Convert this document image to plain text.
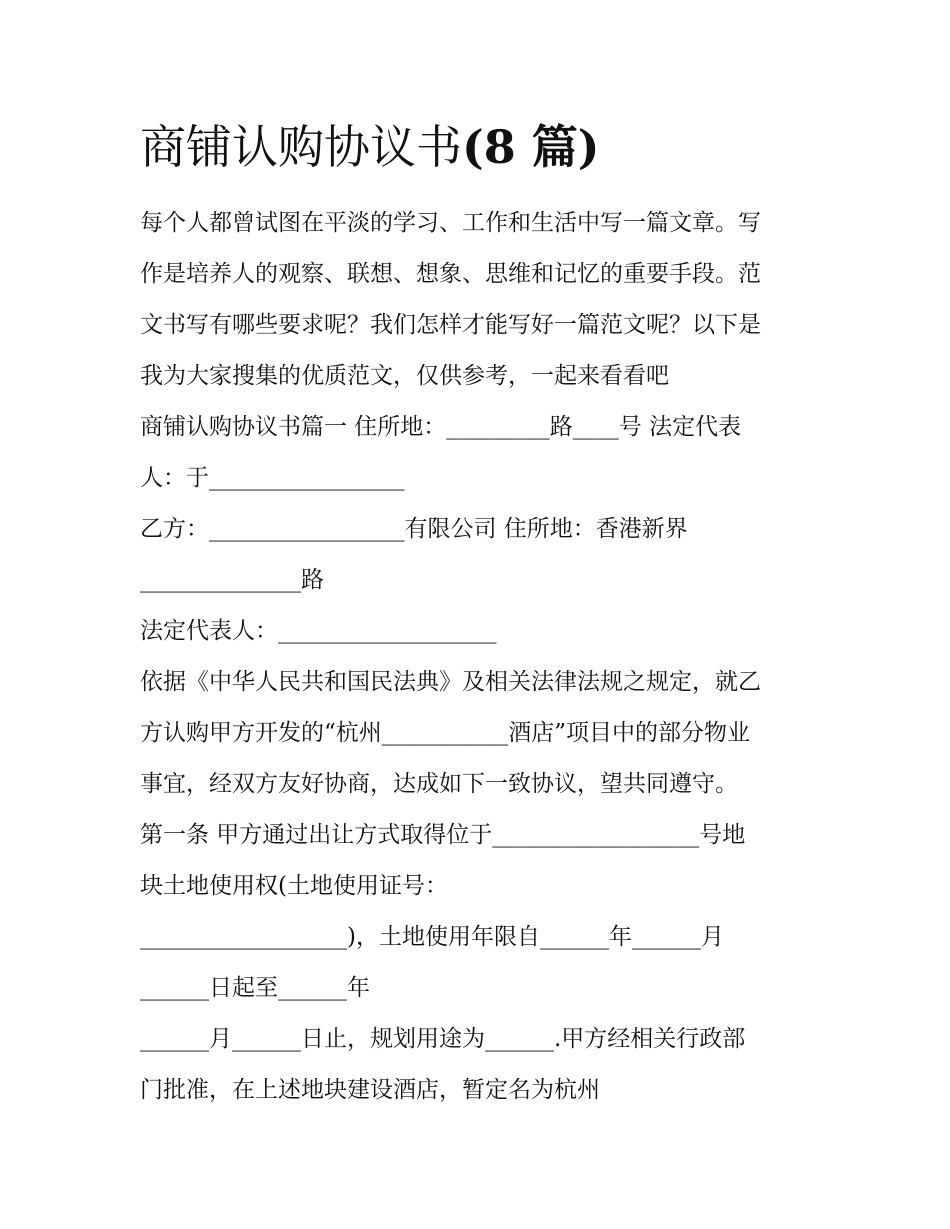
商铺认购协议书(8 篇)
每个人都曾试图在平淡的学习、工作和生活中写一篇文章。写
作是培养人的观察、联想、想象、思维和记忆的重要手段。范
文书写有哪些要求呢？我们怎样才能写好一篇范文呢？以下是
我为大家搜集的优质范文，仅供参考，一起来看看吧
商铺认购协议书篇一 住所地：_________路____号 法定代表
人：于_________________
乙方：_________________有限公司 住所地：香港新界
______________路
法定代表人：___________________
依据《中华人民共和国民法典》及相关法律法规之规定，就乙
方认购甲方开发的“杭州___________酒店”项目中的部分物业
事宜，经双方友好协商，达成如下一致协议，望共同遵守。
第一条 甲方通过出让方式取得位于__________________号地
块土地使用权(土地使用证号：
__________________)，土地使用年限自______年______月
______日起至______年
______月______日止，规划用途为______.甲方经相关行政部
门批准，在上述地块建设酒店，暂定名为杭州
